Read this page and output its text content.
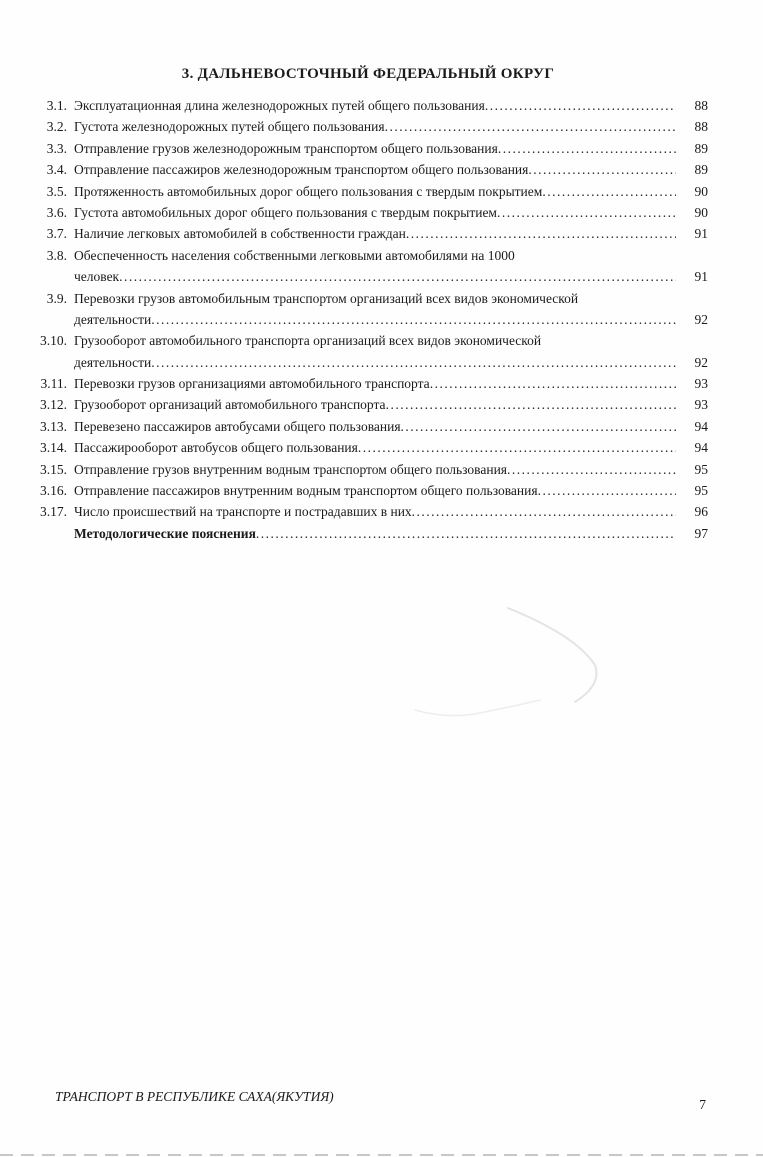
3. ДАЛЬНЕВОСТОЧНЫЙ ФЕДЕРАЛЬНЫЙ ОКРУГ
3.1. Эксплуатационная длина железнодорожных путей общего пользования .....	88
3.2. Густота железнодорожных путей общего пользования .....	88
3.3. Отправление грузов железнодорожным транспортом общего пользования .....	89
3.4. Отправление пассажиров железнодорожным транспортом общего пользования .....	89
3.5. Протяженность автомобильных дорог общего пользования с твердым покрытием .....	90
3.6. Густота автомобильных дорог общего пользования с твердым покрытием .....	90
3.7. Наличие легковых автомобилей в собственности граждан .....	91
3.8. Обеспеченность населения собственными легковыми автомобилями на 1000
человек .....	91
3.9. Перевозки грузов автомобильным транспортом организаций всех видов экономической
деятельности .....	92
3.10. Грузооборот автомобильного транспорта организаций всех видов экономической
деятельности .....	92
3.11. Перевозки грузов организациями автомобильного транспорта .....	93
3.12. Грузооборот организаций автомобильного транспорта .....	93
3.13. Перевезено пассажиров автобусами общего пользования .....	94
3.14. Пассажирооборот автобусов общего пользования .....	94
3.15. Отправление грузов внутренним водным транспортом общего пользования .....	95
3.16. Отправление пассажиров внутренним водным транспортом общего пользования .....	95
3.17. Число происшествий на транспорте и пострадавших в них .....	96
Методологические пояснения .....	97
ТРАНСПОРТ В РЕСПУБЛИКЕ САХА(ЯКУТИЯ)
7
